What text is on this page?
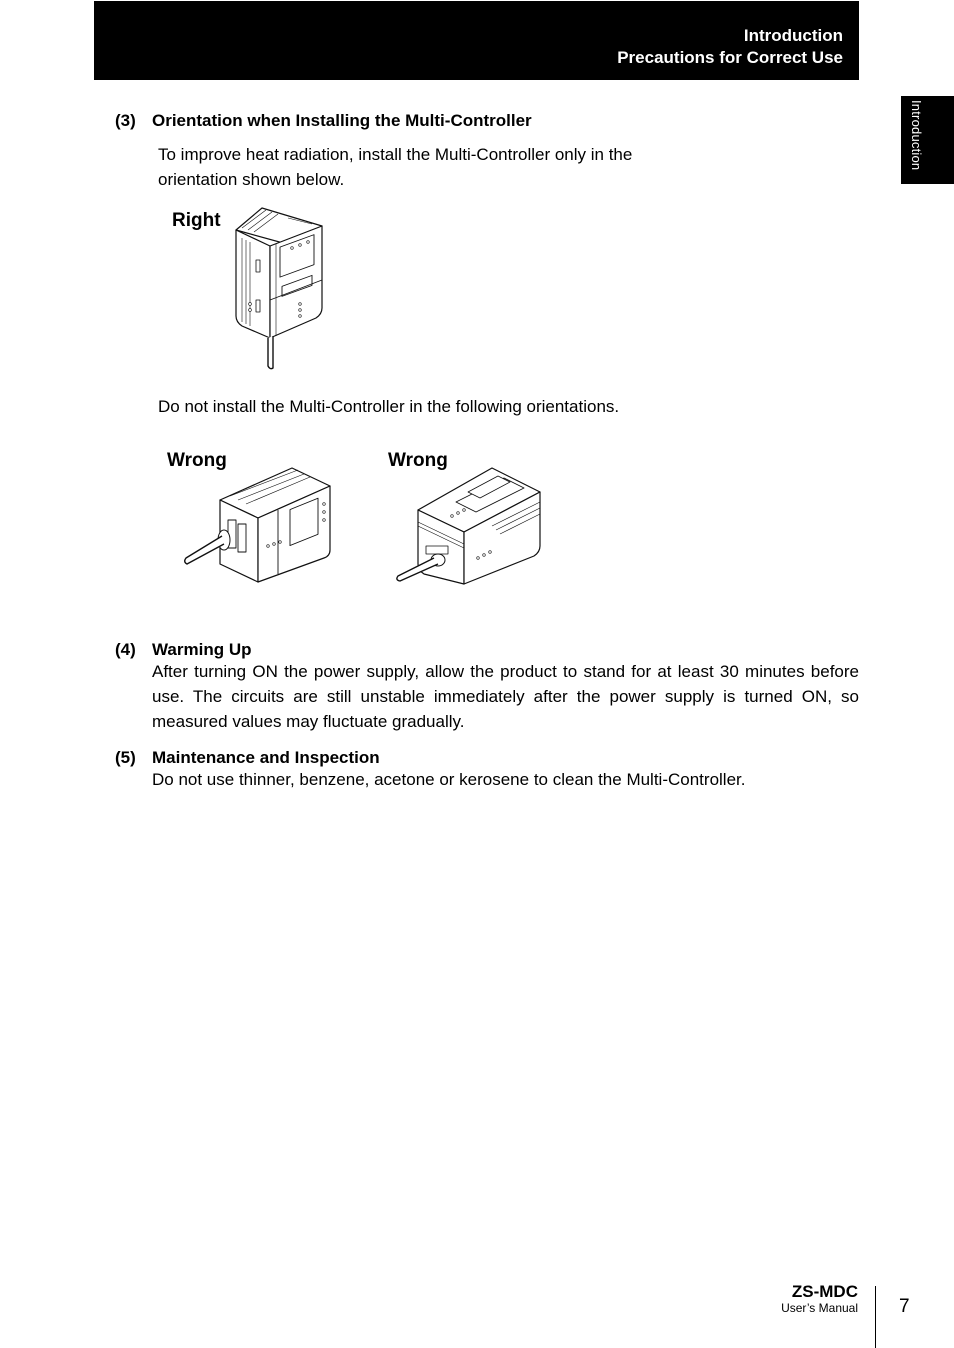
Introduction
Precautions for Correct Use
Introduction
(3) Orientation when Installing the Multi-Controller
To improve heat radiation, install the Multi-Controller only in the
orientation shown below.
Right
Do not install the Multi-Controller in the following orientations.
Wrong	Wrong
(4) Warming Up
After turning ON the power supply, allow the product to stand for at least 30 minutes before use. The circuits are still unstable immediately after the power supply is turned ON, so measured values may fluctuate gradually.
(5) Maintenance and Inspection
Do not use thinner, benzene, acetone or kerosene to clean the Multi-Controller.
ZS-MDC
User’s Manual 7
